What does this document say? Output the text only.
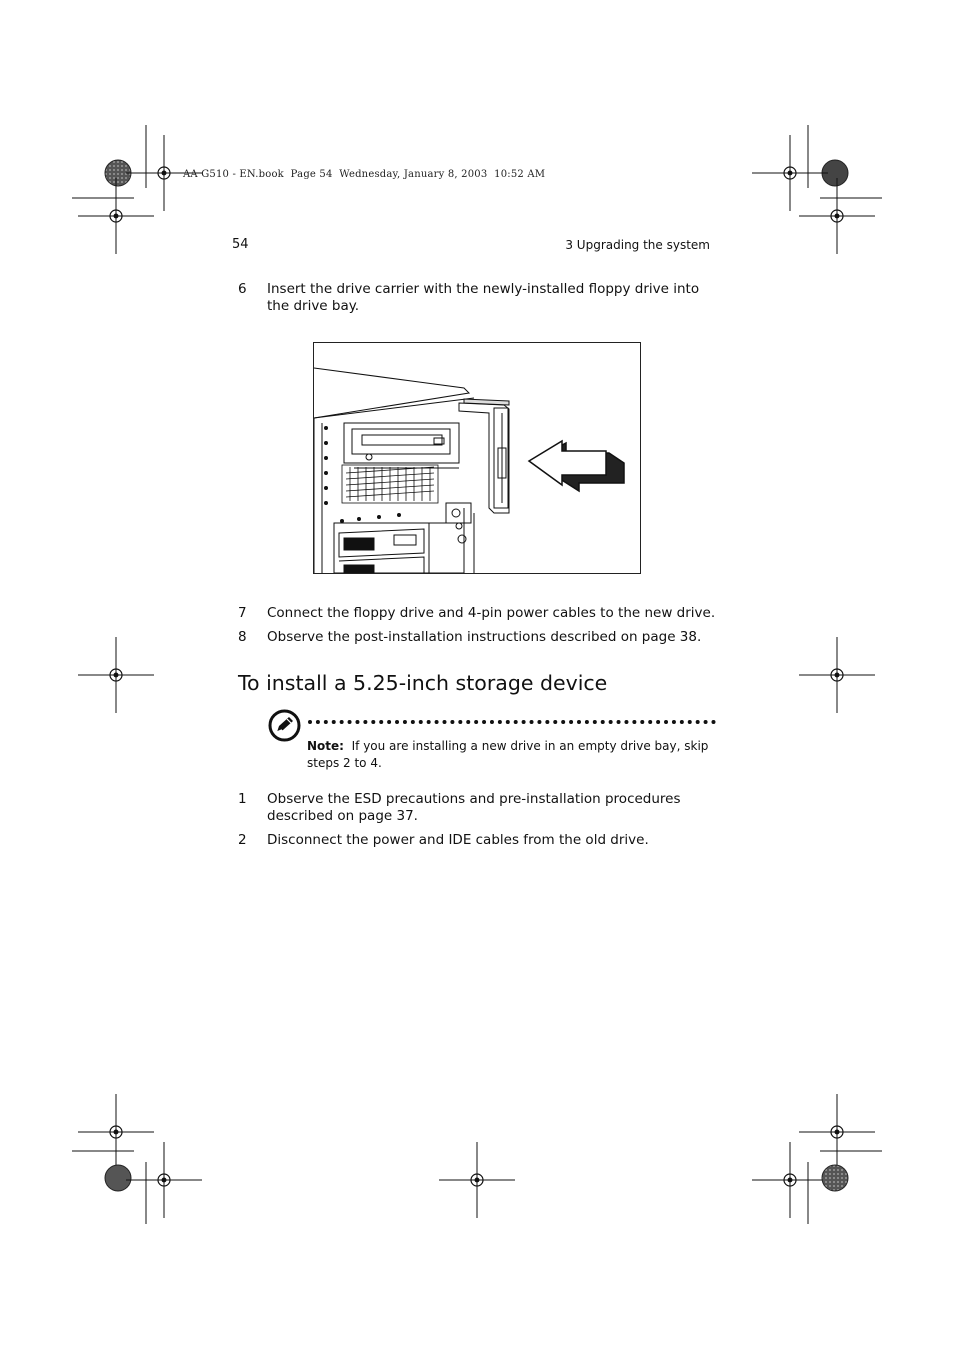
AA G510 - EN.book  Page 54  Wednesday, January 8, 2003  10:52 AM
54	3 Upgrading the system
6 Insert the drive carrier with the newly-installed floppy drive into the drive bay.
7 Connect the floppy drive and 4-pin power cables to the new drive.
8 Observe the post-installation instructions described on page 38.
To install a 5.25-inch storage device
Note: If you are installing a new drive in an empty drive bay, skip steps 2 to 4.
1 Observe the ESD precautions and pre-installation procedures described on page 37.
2 Disconnect the power and IDE cables from the old drive.
